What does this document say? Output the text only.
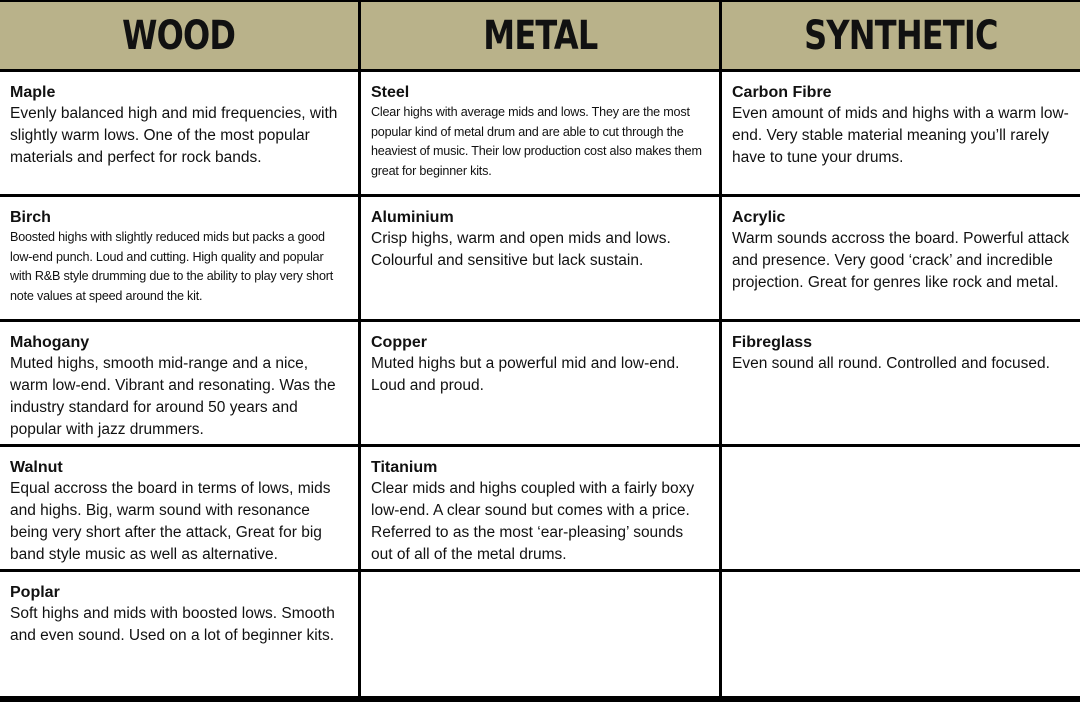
WOOD	METAL	SYNTHETIC
Maple
Evenly balanced high and mid frequencies, with slightly warm lows. One of the most popular materials and perfect for rock bands.
Steel
Clear highs with average mids and lows. They are the most popular kind of metal drum and are able to cut through the heaviest of music. Their low production cost also makes them great for beginner kits.
Carbon Fibre
Even amount of mids and highs with a warm low-end. Very stable material meaning you’ll rarely have to tune your drums.
Birch
Boosted highs with slightly reduced mids but packs a good low-end punch. Loud and cutting. High quality and popular with R&B style drumming due to the ability to play very short note values at speed around the kit.
Aluminium
Crisp highs, warm and open mids and lows. Colourful and sensitive but lack sustain.
Acrylic
Warm sounds accross the board. Powerful attack and presence. Very good ‘crack’ and incredible projection. Great for genres like rock and metal.
Mahogany
Muted highs, smooth mid-range and a nice, warm low-end. Vibrant and resonating. Was the industry standard for around 50 years and popular with jazz drummers.
Copper
Muted highs but a powerful mid and low-end. Loud and proud.
Fibreglass
Even sound all round. Controlled and focused.
Walnut
Equal accross the board in terms of lows, mids and highs. Big, warm sound with resonance being very short after the attack, Great for big band style music as well as alternative.
Titanium
Clear mids and highs coupled with a fairly boxy low-end. A clear sound but comes with a price. Referred to as the most ‘ear-pleasing’ sounds out of all of the metal drums.
Poplar
Soft highs and mids with boosted lows. Smooth and even sound. Used on a lot of beginner kits.
